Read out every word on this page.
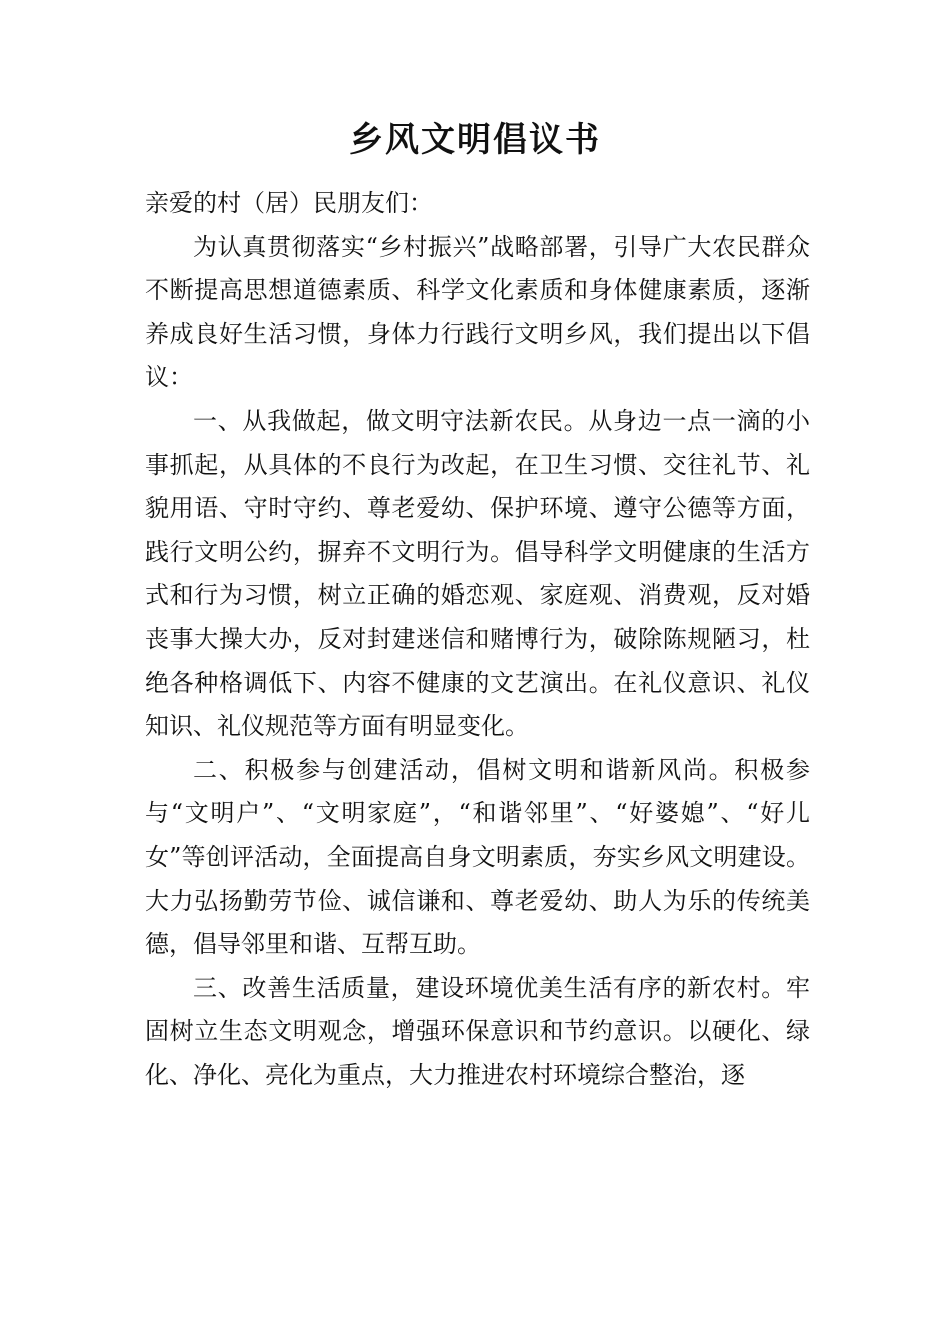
乡风文明倡议书

亲爱的村（居）民朋友们：

为认真贯彻落实“乡村振兴”战略部署，引导广大农民群众不断提高思想道德素质、科学文化素质和身体健康素质，逐渐养成良好生活习惯，身体力行践行文明乡风，我们提出以下倡议：

一、从我做起，做文明守法新农民。从身边一点一滴的小事抓起，从具体的不良行为改起，在卫生习惯、交往礼节、礼貌用语、守时守约、尊老爱幼、保护环境、遵守公德等方面，践行文明公约，摒弃不文明行为。倡导科学文明健康的生活方式和行为习惯，树立正确的婚恋观、家庭观、消费观，反对婚丧事大操大办，反对封建迷信和赌博行为，破除陈规陋习，杜绝各种格调低下、内容不健康的文艺演出。在礼仪意识、礼仪知识、礼仪规范等方面有明显变化。

二、积极参与创建活动，倡树文明和谐新风尚。积极参与“文明户”、“文明家庭”，“和谐邻里”、“好婆媳”、“好儿女”等创评活动，全面提高自身文明素质，夯实乡风文明建设。大力弘扬勤劳节俭、诚信谦和、尊老爱幼、助人为乐的传统美德，倡导邻里和谐、互帮互助。

三、改善生活质量，建设环境优美生活有序的新农村。牢固树立生态文明观念，增强环保意识和节约意识。以硬化、绿化、净化、亮化为重点，大力推进农村环境综合整治，逐
